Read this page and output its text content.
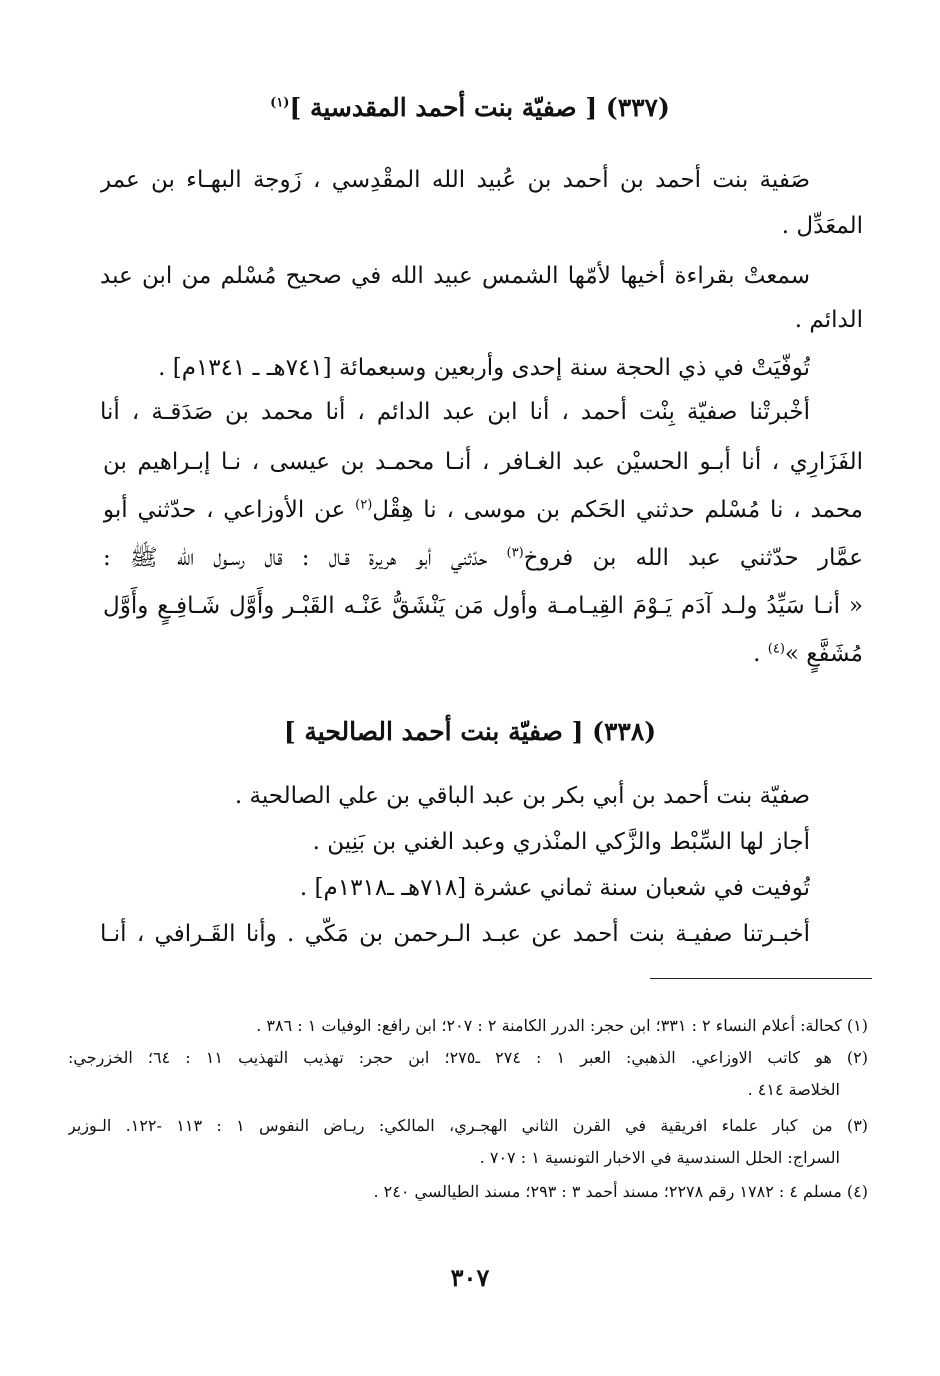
(٣٣٧) [ صفيّة بنت أحمد المقدسية ]$^{(١)}$
صَفية بنت أحمد بن أحمد بن عُبيد الله المقْدِسي ، زَوجة البهـاء بن عمر
المعَدِّل .
سمعتْ بقراءة أخيها لأمّها الشمس عبيد الله في صحيح مُسْلم من ابن عبد
الدائم .
تُوفّيَتْ في ذي الحجة سنة إحدى وأربعين وسبعمائة [٧٤١هـ ـ ١٣٤١م] .
أخْبرتْنا صفيّة بِنْت أحمد ، أنا ابن عبد الدائم ، أنا محمد بن صَدَقـة ، أنا
الفَزَارِي ، أنا أبـو الحسيْن عبد الغـافر ، أنـا محمـد بن عيسى ، نـا إبـراهيم بن
محمد ، نا مُسْلم حدثني الحَكم بن موسى ، نا هِقْل$^{(٢)}$ عن الأوزاعي ، حدّثني أبو
عمَّار حدّثني عبد الله بن فروخ$^{(٣)}$ حدّثني أبو هريرة قـال : قال رسـول اللّه ﷺ :
« أنـا سَيِّدُ ولـد آدَم يَـوْمَ القِيـامـة وأول مَن يَنْشَقُّ عَنْـه القَبْـر وأَوَّل شَـافِـعٍ وأَوَّل
مُشَفَّعٍ »$^{(٤)}$ .
(٣٣٨) [ صفيّة بنت أحمد الصالحية ]
صفيّة بنت أحمد بن أبي بكر بن عبد الباقي بن علي الصالحية .
أجاز لها السِّبْط والزَّكي المنْذري وعبد الغني بن بَنِين .
تُوفيت في شعبان سنة ثماني عشرة [٧١٨هـ ـ١٣١٨م] .
أخبـرتنا صفيـة بنت أحمد عن عبـد الـرحمن بن مَكّي . وأنا القَـرافي ، أنـا
(١) كحالة: أعلام النساء ٢ : ٣٣١؛ ابن حجر: الدرر الكامنة ٢ : ٢٠٧؛ ابن رافع: الوفيات ١ : ٣٨٦ .
(٢) هو كاتب الاوزاعي. الذهبي: العبر ١ : ٢٧٤ ـ٢٧٥؛ ابن حجر: تهذيب التهذيب ١١ : ٦٤؛ الخزرجي:
الخلاصة ٤١٤ .
(٣) من كبار علماء افريقية في القرن الثاني الهجـري، المالكي: ريـاض النفوس ١ : ١١٣ -١٢٢. الـوزير
السراج: الحلل السندسية في الاخبار التونسية ١ : ٧٠٧ .
(٤) مسلم ٤ : ١٧٨٢ رقم ٢٢٧٨؛ مسند أحمد ٣ : ٢٩٣؛ مسند الطيالسي ٢٤٠ .
٣٠٧
